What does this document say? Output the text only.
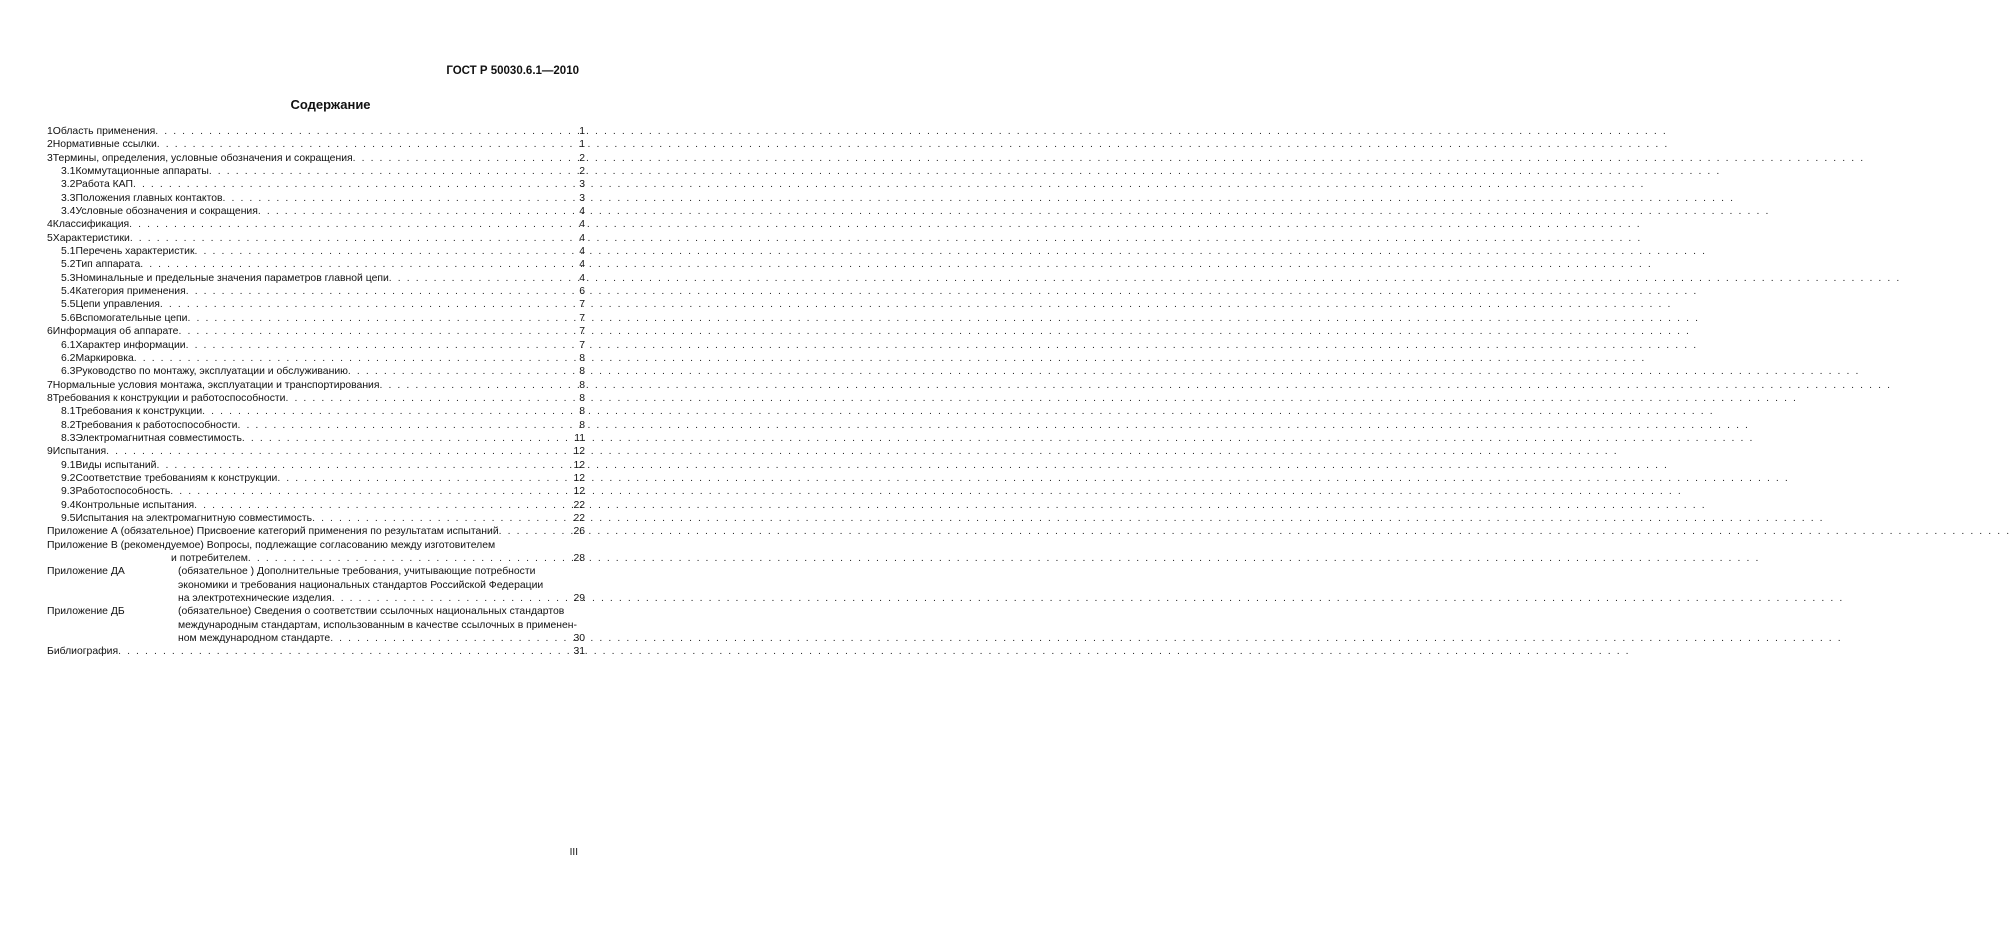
ГОСТ Р 50030.6.1—2010
Содержание
1 Область применения . . .	1
2 Нормативные ссылки . . .	1
3 Термины, определения, условные обозначения и сокращения . . .	2
3.1 Коммутационные аппараты . . .	2
3.2 Работа КАП . . .	3
3.3 Положения главных контактов . . .	3
3.4 Условные обозначения и сокращения . . .	4
4 Классификация . . .	4
5 Характеристики . . .	4
5.1 Перечень характеристик . . .	4
5.2 Тип аппарата . . .	4
5.3 Номинальные и предельные значения параметров главной цепи . . .	4
5.4 Категория применения . . .	6
5.5 Цепи управления . . .	7
5.6 Вспомогательные цепи . . .	7
6 Информация об аппарате . . .	7
6.1 Характер информации . . .	7
6.2 Маркировка . . .	8
6.3 Руководство по монтажу, эксплуатации и обслуживанию . . .	8
7 Нормальные условия монтажа, эксплуатации и транспортирования . . .	8
8 Требования к конструкции и работоспособности . . .	8
8.1 Требования к конструкции . . .	8
8.2 Требования к работоспособности . . .	8
8.3 Электромагнитная совместимость . . .	11
9 Испытания . . .	12
9.1 Виды испытаний . . .	12
9.2 Соответствие требованиям к конструкции . . .	12
9.3 Работоспособность . . .	12
9.4 Контрольные испытания . . .	22
9.5 Испытания на электромагнитную совместимость . . .	22
Приложение А (обязательное) Присвоение категорий применения по результатам испытаний . . .	26
Приложение В (рекомендуемое) Вопросы, подлежащие согласованию между изготовителем
и потребителем . . .	28
Приложение ДА	(обязательное ) Дополнительные требования, учитывающие потребности
экономики и требования национальных стандартов Российской Федерации
на электротехнические изделия . . .	29
Приложение ДБ	(обязательное) Сведения о соответствии ссылочных национальных стандартов
международным стандартам, использованным в качестве ссылочных в применен-
ном международном стандарте . . .	30
Библиография . . .	31
III
